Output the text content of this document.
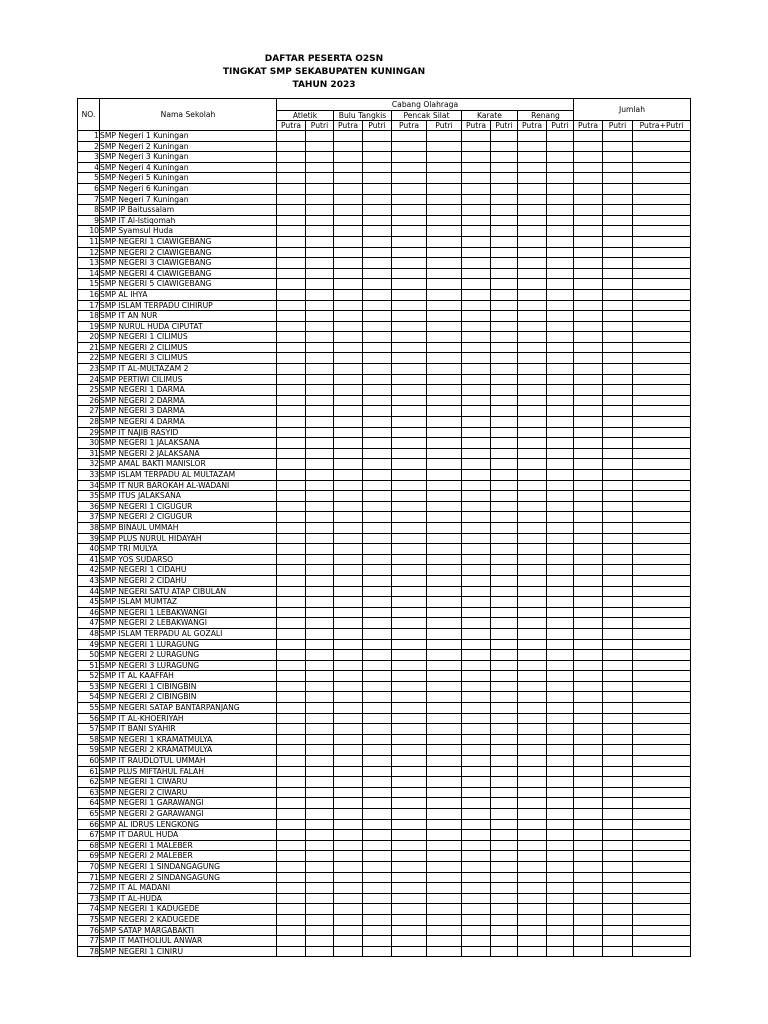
DAFTAR PESERTA O2SN
TINGKAT SMP SEKABUPATEN KUNINGAN
TAHUN 2023
NO.	Nama Sekolah	Cabang Olahraga										Jumlah		
		Atletik		Bulu Tangkis		Pencak Silat		Karate		Renang				
		Putra	Putri	Putra	Putri	Putra	Putri	Putra	Putri	Putra	Putri	Putra	Putri	Putra+Putri
1	SMP Negeri 1 Kuningan													
2	SMP Negeri 2 Kuningan													
3	SMP Negeri 3 Kuningan													
4	SMP Negeri 4 Kuningan													
5	SMP Negeri 5 Kuningan													
6	SMP Negeri 6 Kuningan													
7	SMP Negeri 7 Kuningan													
8	SMP IP Baitussalam													
9	SMP IT Al-Istiqomah													
10	SMP Syamsul Huda													
11	SMP NEGERI 1 CIAWIGEBANG													
12	SMP NEGERI 2 CIAWIGEBANG													
13	SMP NEGERI 3 CIAWIGEBANG													
14	SMP NEGERI 4 CIAWIGEBANG													
15	SMP NEGERI 5 CIAWIGEBANG													
16	SMP AL IHYA													
17	SMP ISLAM TERPADU CIHIRUP													
18	SMP IT AN NUR													
19	SMP NURUL HUDA CIPUTAT													
20	SMP NEGERI 1 CILIMUS													
21	SMP NEGERI 2 CILIMUS													
22	SMP NEGERI 3 CILIMUS													
23	SMP IT AL-MULTAZAM 2													
24	SMP PERTIWI CILIMUS													
25	SMP NEGERI 1 DARMA													
26	SMP NEGERI 2 DARMA													
27	SMP NEGERI 3 DARMA													
28	SMP NEGERI 4 DARMA													
29	SMP IT NAJIB RASYID													
30	SMP NEGERI 1 JALAKSANA													
31	SMP NEGERI 2 JALAKSANA													
32	SMP AMAL BAKTI MANISLOR													
33	SMP ISLAM TERPADU AL MULTAZAM													
34	SMP IT NUR BAROKAH AL-WADANI													
35	SMP ITUS JALAKSANA													
36	SMP NEGERI 1 CIGUGUR													
37	SMP NEGERI 2 CIGUGUR													
38	SMP BINAUL UMMAH													
39	SMP PLUS NURUL HIDAYAH													
40	SMP TRI MULYA													
41	SMP YOS SUDARSO													
42	SMP NEGERI 1 CIDAHU													
43	SMP NEGERI 2 CIDAHU													
44	SMP NEGERI SATU ATAP CIBULAN													
45	SMP ISLAM MUMTAZ													
46	SMP NEGERI 1 LEBAKWANGI													
47	SMP NEGERI 2 LEBAKWANGI													
48	SMP ISLAM TERPADU AL GOZALI													
49	SMP NEGERI 1 LURAGUNG													
50	SMP NEGERI 2 LURAGUNG													
51	SMP NEGERI 3 LURAGUNG													
52	SMP IT AL KAAFFAH													
53	SMP NEGERI 1 CIBINGBIN													
54	SMP NEGERI 2 CIBINGBIN													
55	SMP NEGERI SATAP BANTARPANJANG													
56	SMP IT AL-KHOERIYAH													
57	SMP IT BANI SYAHIR													
58	SMP NEGERI 1 KRAMATMULYA													
59	SMP NEGERI 2 KRAMATMULYA													
60	SMP IT RAUDLOTUL UMMAH													
61	SMP PLUS MIFTAHUL FALAH													
62	SMP NEGERI 1 CIWARU													
63	SMP NEGERI 2 CIWARU													
64	SMP NEGERI 1 GARAWANGI													
65	SMP NEGERI 2 GARAWANGI													
66	SMP AL IDRUS LENGKONG													
67	SMP IT DARUL HUDA													
68	SMP NEGERI 1 MALEBER													
69	SMP NEGERI 2 MALEBER													
70	SMP NEGERI 1 SINDANGAGUNG													
71	SMP NEGERI 2 SINDANGAGUNG													
72	SMP IT AL MADANI													
73	SMP IT AL-HUDA													
74	SMP NEGERI 1 KADUGEDE													
75	SMP NEGERI 2 KADUGEDE													
76	SMP SATAP MARGABAKTI													
77	SMP IT MATHOLIUL ANWAR													
78	SMP NEGERI 1 CINIRU													
